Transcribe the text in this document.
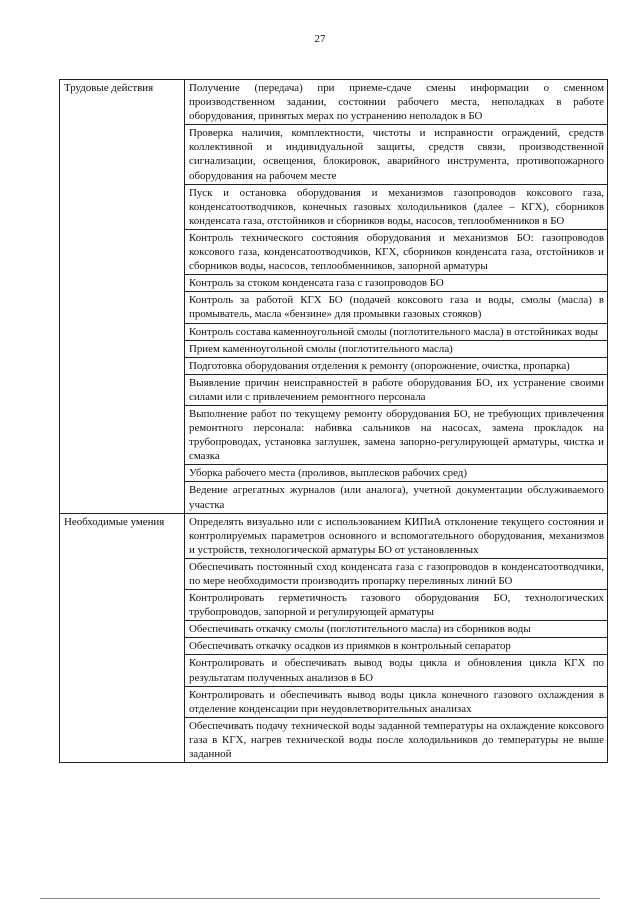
27
Трудовые действия	Получение (передача) при приеме-сдаче смены информации о сменном производственном задании, состоянии рабочего места, неполадках в работе оборудования, принятых мерах по устранению неполадок в БО
	Проверка наличия, комплектности, чистоты и исправности ограждений, средств коллективной и индивидуальной защиты, средств связи, производственной сигнализации, освещения, блокировок, аварийного инструмента, противопожарного оборудования на рабочем месте
	Пуск и остановка оборудования и механизмов газопроводов коксового газа, конденсатоотводчиков, конечных газовых холодильников (далее – КГХ), сборников конденсата газа, отстойников и сборников воды, насосов, теплообменников в БО
	Контроль технического состояния оборудования и механизмов БО: газопроводов коксового газа, конденсатоотводчиков, КГХ, сборников конденсата газа, отстойников и сборников воды, насосов, теплообменников, запорной арматуры
	Контроль за стоком конденсата газа с газопроводов БО
	Контроль за работой КГХ БО (подачей коксового газа и воды, смолы (масла) в промыватель, масла «бензине» для промывки газовых стояков)
	Контроль состава каменноугольной смолы (поглотительного масла) в отстойниках воды
	Прием каменноугольной смолы (поглотительного масла)
	Подготовка оборудования отделения к ремонту (опорожнение, очистка, пропарка)
	Выявление причин неисправностей в работе оборудования БО, их устранение своими силами или с привлечением ремонтного персонала
	Выполнение работ по текущему ремонту оборудования БО, не требующих привлечения ремонтного персонала: набивка сальников на насосах, замена прокладок на трубопроводах, установка заглушек, замена запорно-регулирующей арматуры, чистка и смазка
	Уборка рабочего места (проливов, выплесков рабочих сред)
	Ведение агрегатных журналов (или аналога), учетной документации обслуживаемого участка
Необходимые умения	Определять визуально или с использованием КИПиА отклонение текущего состояния и контролируемых параметров основного и вспомогательного оборудования, механизмов и устройств, технологической арматуры БО от установленных
	Обеспечивать постоянный сход конденсата газа с газопроводов в конденсатоотводчики, по мере необходимости производить пропарку переливных линий БО
	Контролировать герметичность газового оборудования БО, технологических трубопроводов, запорной и регулирующей арматуры
	Обеспечивать откачку смолы (поглотительного масла) из сборников воды
	Обеспечивать откачку осадков из приямков в контрольный сепаратор
	Контролировать и обеспечивать вывод воды цикла и обновления цикла КГХ по результатам полученных анализов в БО
	Контролировать и обеспечивать вывод воды цикла конечного газового охлаждения в отделение конденсации при неудовлетворительных анализах
	Обеспечивать подачу технической воды заданной температуры на охлаждение коксового газа в КГХ, нагрев технической воды после холодильников до температуры не выше заданной
